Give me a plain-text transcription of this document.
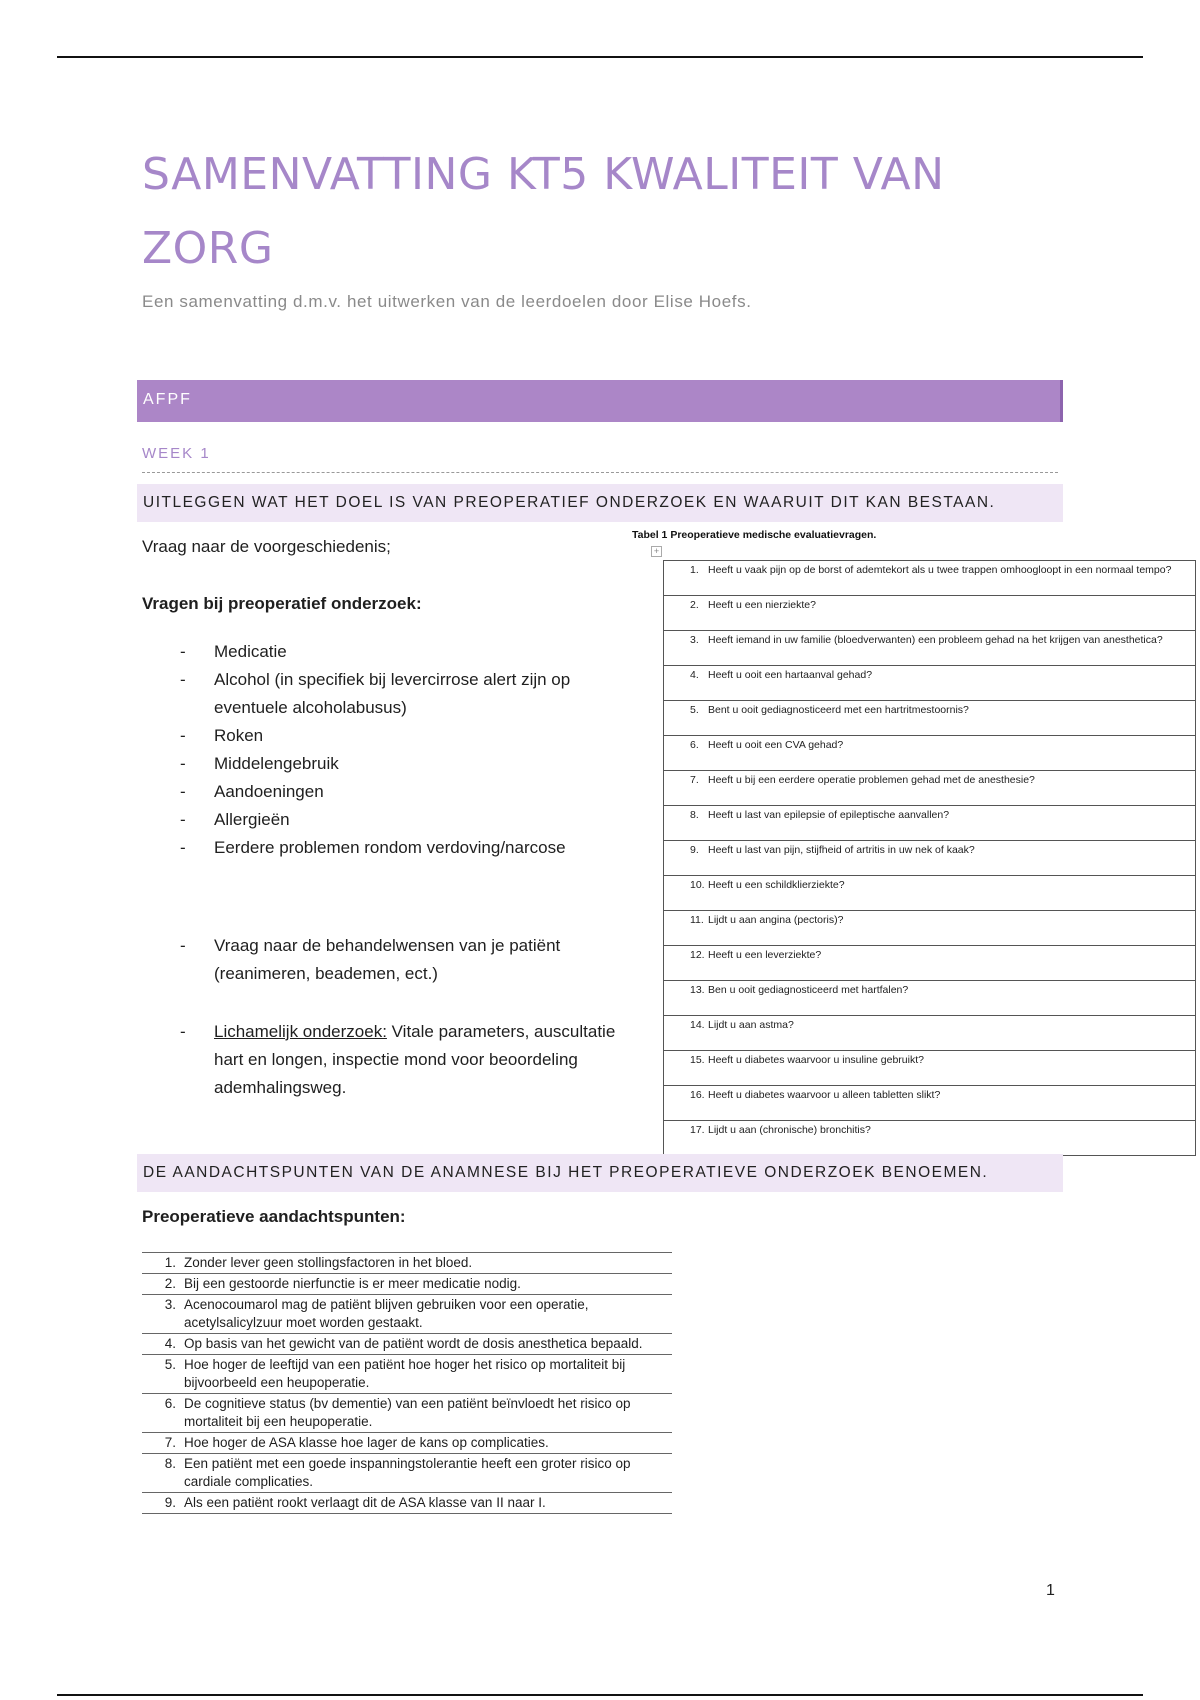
SAMENVATTING KT5 KWALITEIT VAN ZORG

Een samenvatting d.m.v. het uitwerken van de leerdoelen door Elise Hoefs.

AFPF
WEEK 1
UITLEGGEN WAT HET DOEL IS VAN PREOPERATIEF ONDERZOEK EN WAARUIT DIT KAN BESTAAN.

Vraag naar de voorgeschiedenis;

Vragen bij preoperatief onderzoek:

- Medicatie
- Alcohol (in specifiek bij levercirrose alert zijn op eventuele alcoholabusus)
- Roken
- Middelengebruik
- Aandoeningen
- Allergieën
- Eerdere problemen rondom verdoving/narcose
- Vraag naar de behandelwensen van je patiënt (reanimeren, beademen, ect.)
- Lichamelijk onderzoek: Vitale parameters, auscultatie hart en longen, inspectie mond voor beoordeling ademhalingsweg.
Tabel 1 Preoperatieve medische evaluatievragen.
+
1. Heeft u vaak pijn op de borst of ademtekort als u twee trappen omhoogloopt in een normaal tempo?

2. Heeft u een nierziekte?

3. Heeft iemand in uw familie (bloedverwanten) een probleem gehad na het krijgen van anesthetica?

4. Heeft u ooit een hartaanval gehad?

5. Bent u ooit gediagnosticeerd met een hartritmestoornis?

6. Heeft u ooit een CVA gehad?

7. Heeft u bij een eerdere operatie problemen gehad met de anesthesie?

8. Heeft u last van epilepsie of epileptische aanvallen?

9. Heeft u last van pijn, stijfheid of artritis in uw nek of kaak?

10. Heeft u een schildklierziekte?

11. Lijdt u aan angina (pectoris)?

12. Heeft u een leverziekte?

13. Ben u ooit gediagnosticeerd met hartfalen?

14. Lijdt u aan astma?

15. Heeft u diabetes waarvoor u insuline gebruikt?

16. Heeft u diabetes waarvoor u alleen tabletten slikt?

17. Lijdt u aan (chronische) bronchitis?
DE AANDACHTSPUNTEN VAN DE ANAMNESE BIJ HET PREOPERATIEVE ONDERZOEK BENOEMEN.

Preoperatieve aandachtspunten:

1.	Zonder lever geen stollingsfactoren in het bloed.
2.	Bij een gestoorde nierfunctie is er meer medicatie nodig.
3.	Acenocoumarol mag de patiënt blijven gebruiken voor een operatie, acetylsalicylzuur moet worden gestaakt.
4.	Op basis van het gewicht van de patiënt wordt de dosis anesthetica bepaald.
5.	Hoe hoger de leeftijd van een patiënt hoe hoger het risico op mortaliteit bij bijvoorbeeld een heupoperatie.
6.	De cognitieve status (bv dementie) van een patiënt beïnvloedt het risico op mortaliteit bij een heupoperatie.
7.	Hoe hoger de ASA klasse hoe lager de kans op complicaties.
8.	Een patiënt met een goede inspanningstolerantie heeft een groter risico op cardiale complicaties.
9.	Als een patiënt rookt verlaagt dit de ASA klasse van II naar I.
1
